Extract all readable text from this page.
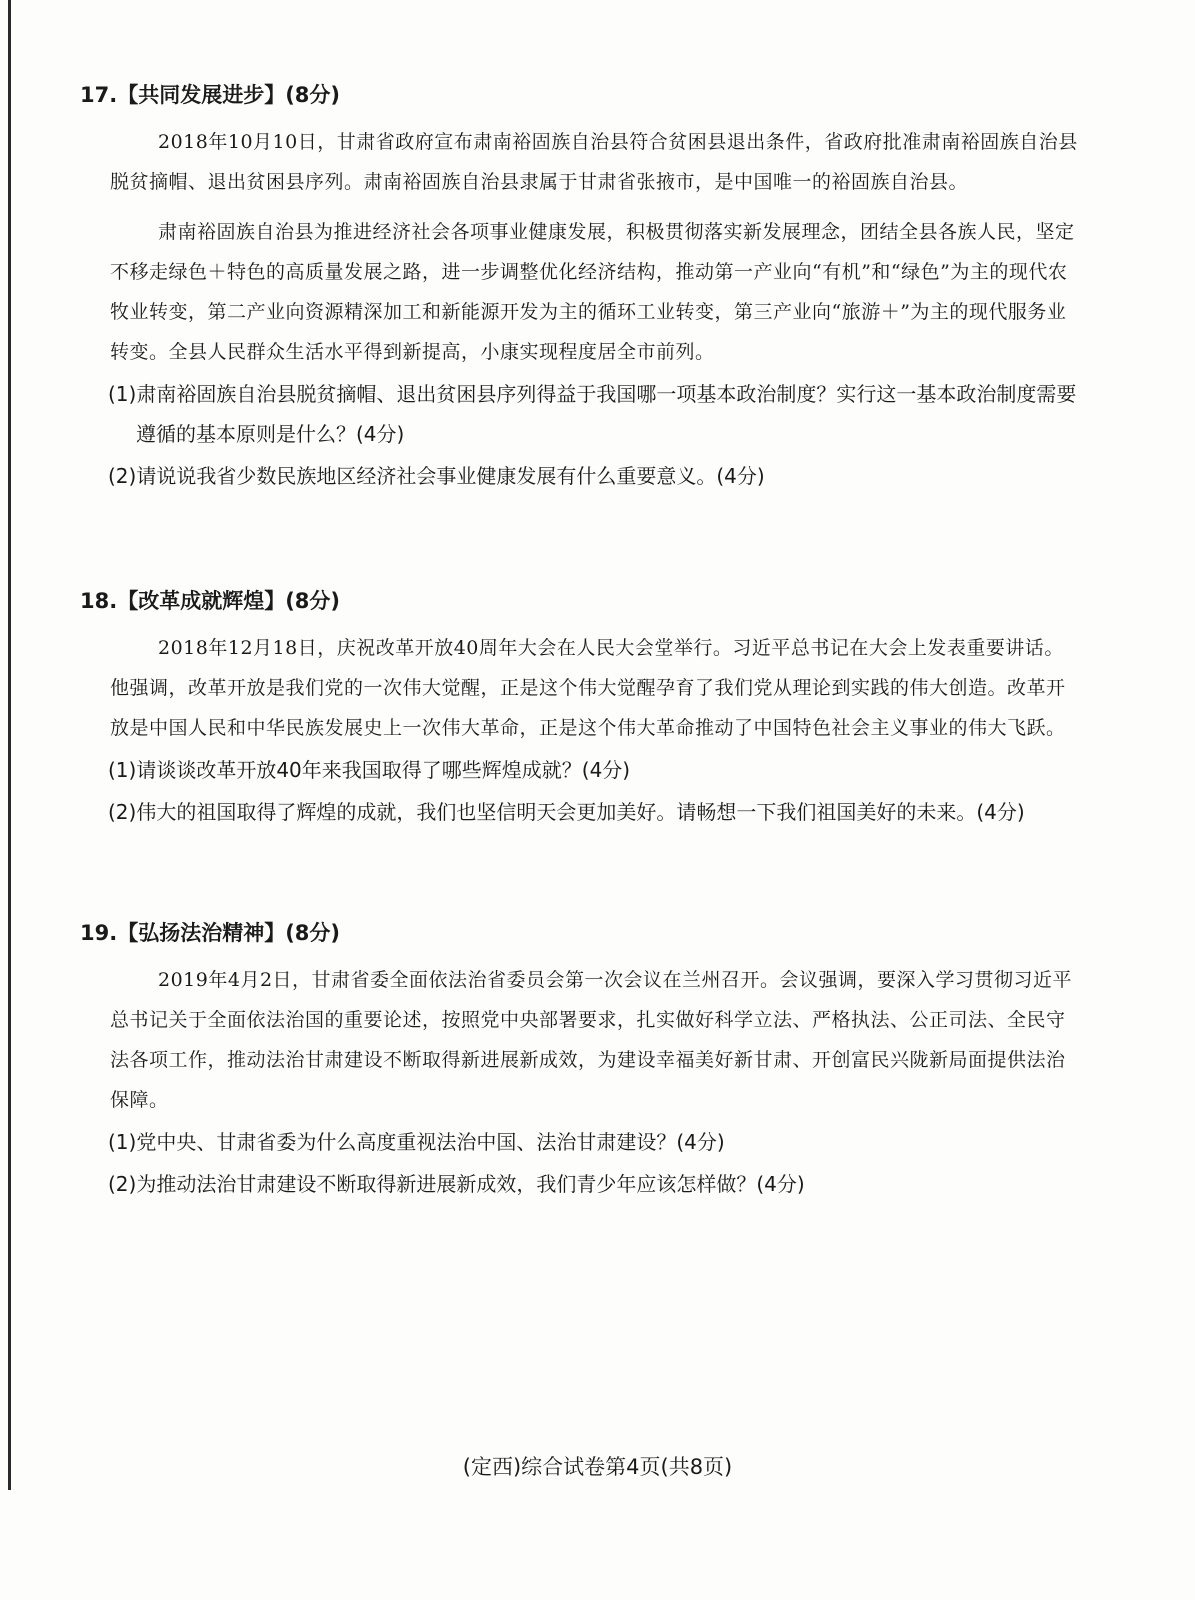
17.【共同发展进步】(8分)

2018年10月10日，甘肃省政府宣布肃南裕固族自治县符合贫困县退出条件，省政府批准肃南裕固族自治县脱贫摘帽、退出贫困县序列。肃南裕固族自治县隶属于甘肃省张掖市，是中国唯一的裕固族自治县。

肃南裕固族自治县为推进经济社会各项事业健康发展，积极贯彻落实新发展理念，团结全县各族人民，坚定不移走绿色＋特色的高质量发展之路，进一步调整优化经济结构，推动第一产业向“有机”和“绿色”为主的现代农牧业转变，第二产业向资源精深加工和新能源开发为主的循环工业转变，第三产业向“旅游＋”为主的现代服务业转变。全县人民群众生活水平得到新提高，小康实现程度居全市前列。

(1)肃南裕固族自治县脱贫摘帽、退出贫困县序列得益于我国哪一项基本政治制度？实行这一基本政治制度需要遵循的基本原则是什么？(4分)

(2)请说说我省少数民族地区经济社会事业健康发展有什么重要意义。(4分)

18.【改革成就辉煌】(8分)

2018年12月18日，庆祝改革开放40周年大会在人民大会堂举行。习近平总书记在大会上发表重要讲话。他强调，改革开放是我们党的一次伟大觉醒，正是这个伟大觉醒孕育了我们党从理论到实践的伟大创造。改革开放是中国人民和中华民族发展史上一次伟大革命，正是这个伟大革命推动了中国特色社会主义事业的伟大飞跃。

(1)请谈谈改革开放40年来我国取得了哪些辉煌成就？(4分)

(2)伟大的祖国取得了辉煌的成就，我们也坚信明天会更加美好。请畅想一下我们祖国美好的未来。(4分)

19.【弘扬法治精神】(8分)

2019年4月2日，甘肃省委全面依法治省委员会第一次会议在兰州召开。会议强调，要深入学习贯彻习近平总书记关于全面依法治国的重要论述，按照党中央部署要求，扎实做好科学立法、严格执法、公正司法、全民守法各项工作，推动法治甘肃建设不断取得新进展新成效，为建设幸福美好新甘肃、开创富民兴陇新局面提供法治保障。

(1)党中央、甘肃省委为什么高度重视法治中国、法治甘肃建设？(4分)

(2)为推动法治甘肃建设不断取得新进展新成效，我们青少年应该怎样做？(4分)

(定西)综合试卷第4页(共8页)
